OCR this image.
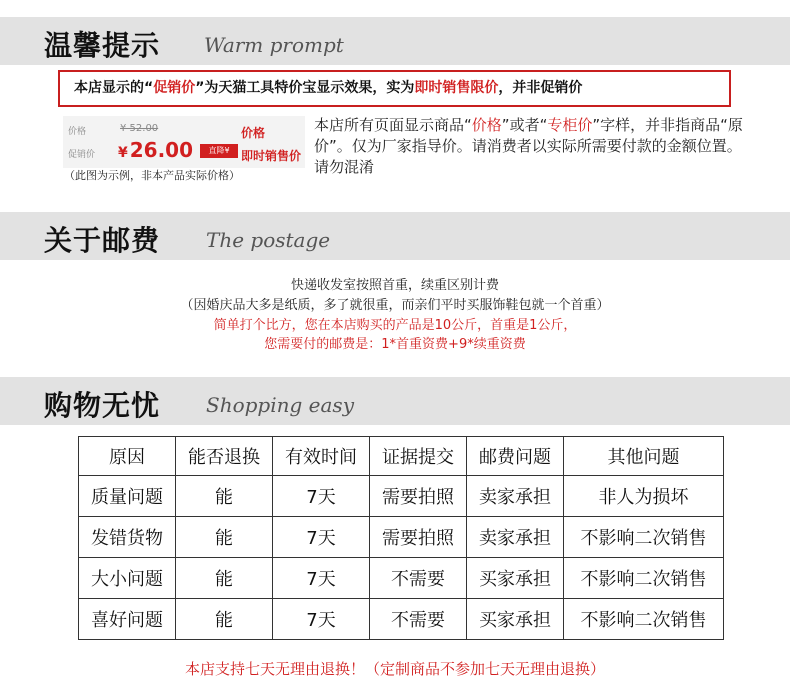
温馨提示 Warm prompt
本店显示的“促销价”为天猫工具特价宝显示效果，实为即时销售限价，并非促销价
价格
促销价
¥ 52.00
¥ 26.00	直降¥
价格
即时销售价
（此图为示例，非本产品实际价格）
本店所有页面显示商品“价格”或者“专柜价”字样，并非指商品“原价”。仅为厂家指导价。请消费者以实际所需要付款的金额位置。请勿混淆
关于邮费 The postage
快递收发室按照首重，续重区别计费
（因婚庆品大多是纸质，多了就很重，而亲们平时买服饰鞋包就一个首重）
简单打个比方，您在本店购买的产品是10公斤，首重是1公斤，
您需要付的邮费是：1*首重资费+9*续重资费
购物无忧 Shopping easy
原因	能否退换	有效时间	证据提交	邮费问题	其他问题
质量问题	能	7天	需要拍照	卖家承担	非人为损坏
发错货物	能	7天	需要拍照	卖家承担	不影响二次销售
大小问题	能	7天	不需要	买家承担	不影响二次销售
喜好问题	能	7天	不需要	买家承担	不影响二次销售
本店支持七天无理由退换！（定制商品不参加七天无理由退换）
